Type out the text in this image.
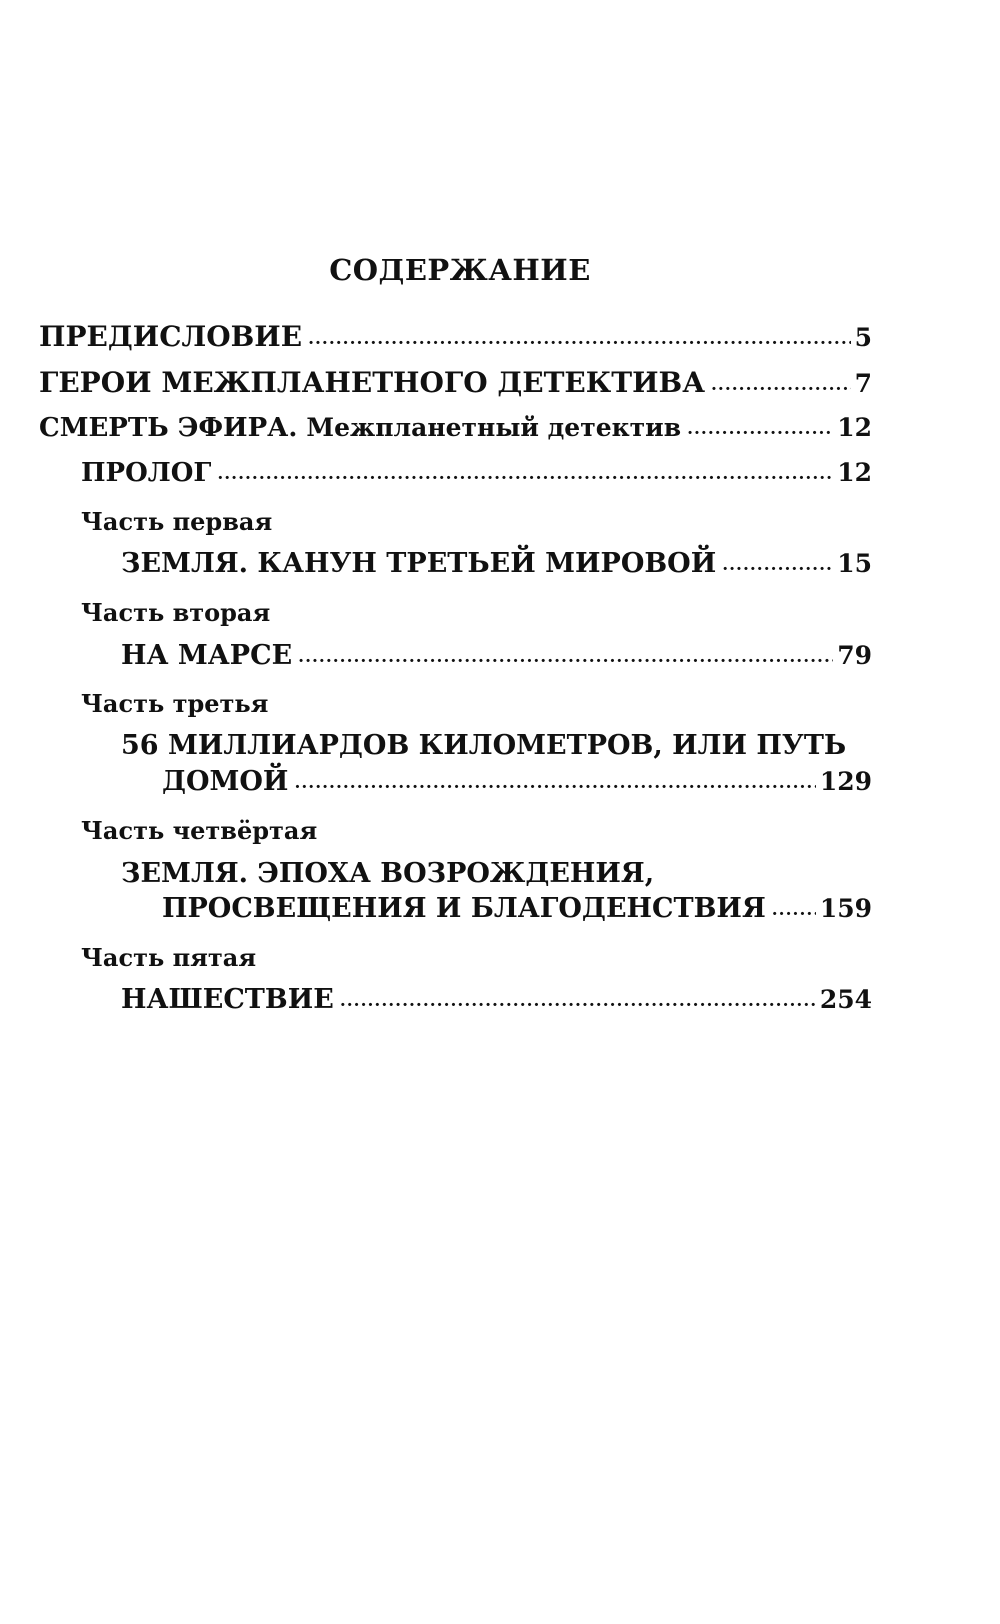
СОДЕРЖАНИЕ
ПРЕДИСЛОВИЕ .....	5
ГЕРОИ МЕЖПЛАНЕТНОГО ДЕТЕКТИВА .....	7
СМЕРТЬ ЭФИРА. Межпланетный детектив .....	12
ПРОЛОГ .....	12
Часть первая
ЗЕМЛЯ. КАНУН ТРЕТЬЕЙ МИРОВОЙ .....	15
Часть вторая
НА МАРСЕ .....	79
Часть третья
56 МИЛЛИАРДОВ КИЛОМЕТРОВ, ИЛИ ПУТЬ
ДОМОЙ .....	129
Часть четвёртая
ЗЕМЛЯ. ЭПОХА ВОЗРОЖДЕНИЯ,
ПРОСВЕЩЕНИЯ И БЛАГОДЕНСТВИЯ ..... 159
Часть пятая
НАШЕСТВИЕ .....	254
